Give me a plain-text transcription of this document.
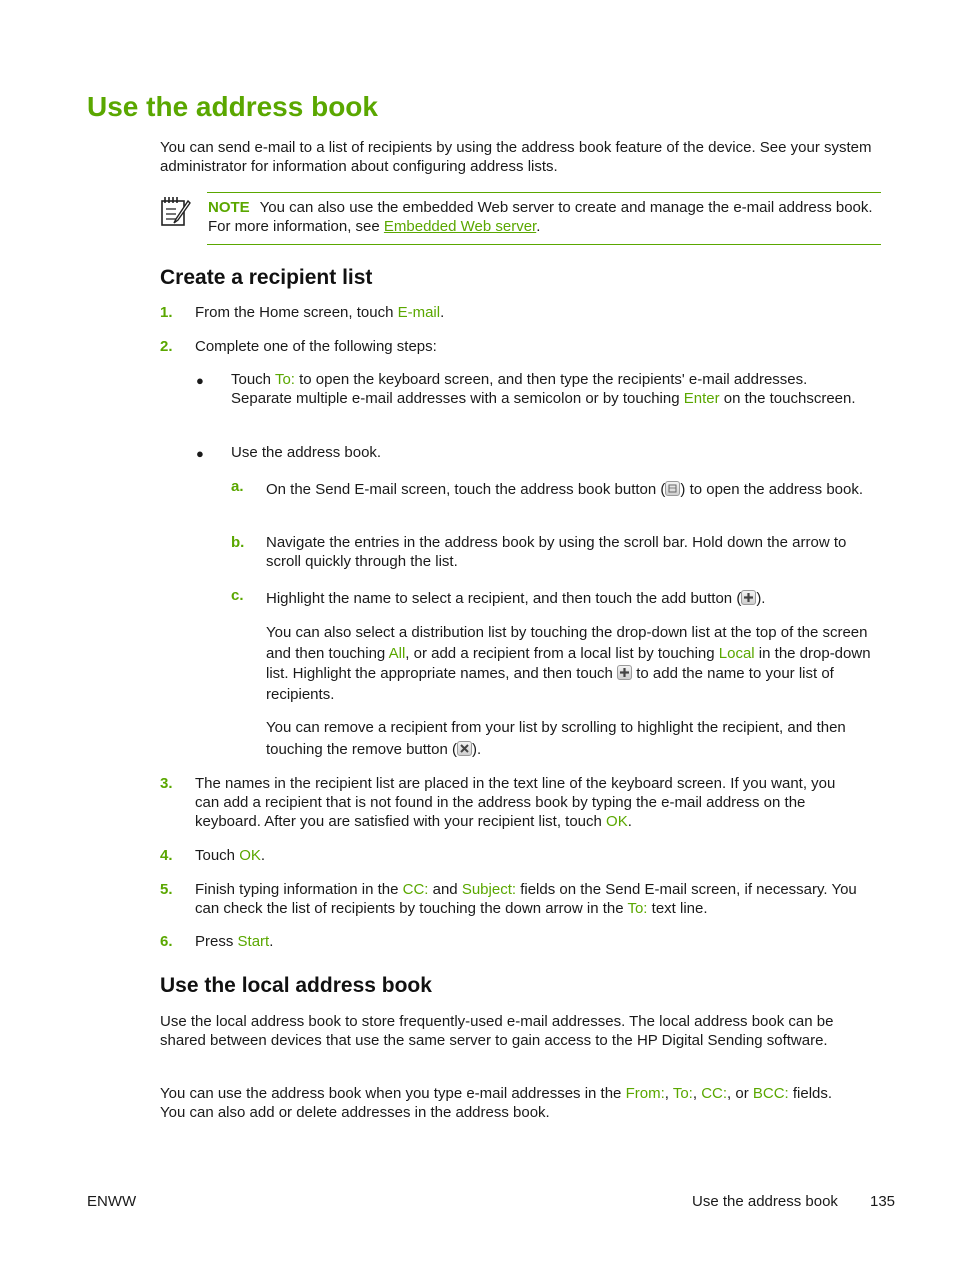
Use the address book

You can send e-mail to a list of recipients by using the address book feature of the device. See your system administrator for information about configuring address lists.

NOTE You can also use the embedded Web server to create and manage the e-mail address book. For more information, see Embedded Web server.

Create a recipient list
1. From the Home screen, touch E-mail.

2. Complete one of the following steps:

● Touch To: to open the keyboard screen, and then type the recipients' e-mail addresses. Separate multiple e-mail addresses with a semicolon or by touching Enter on the touchscreen.

● Use the address book.

a. On the Send E-mail screen, touch the address book button ( ) to open the address book.

b. Navigate the entries in the address book by using the scroll bar. Hold down the arrow to scroll quickly through the list.

c. Highlight the name to select a recipient, and then touch the add button ( ).

You can also select a distribution list by touching the drop-down list at the top of the screen and then touching All, or add a recipient from a local list by touching Local in the drop-down list. Highlight the appropriate names, and then touch
to add the name to your list of recipients.

You can remove a recipient from your list by scrolling to highlight the recipient, and then touching the remove button ( ).

3. The names in the recipient list are placed in the text line of the keyboard screen. If you want, you can add a recipient that is not found in the address book by typing the e-mail address on the keyboard. After you are satisfied with your recipient list, touch OK.

4. Touch OK.

5. Finish typing information in the CC: and Subject: fields on the Send E-mail screen, if necessary. You can check the list of recipients by touching the down arrow in the To: text line.

6. Press Start.

Use the local address book

Use the local address book to store frequently-used e-mail addresses. The local address book can be shared between devices that use the same server to gain access to the HP Digital Sending software.

You can use the address book when you type e-mail addresses in the From:, To:, CC:, or BCC: fields. You can also add or delete addresses in the address book.

ENWW	Use the address book 135
